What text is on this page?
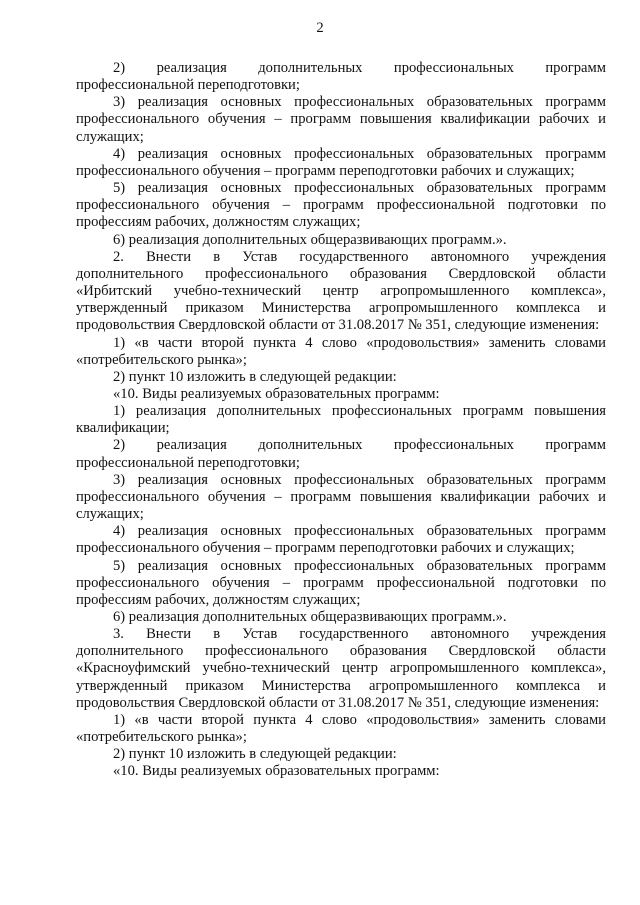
2

2) реализация дополнительных профессиональных программ профессиональной переподготовки;

3) реализация основных профессиональных образовательных программ профессионального обучения – программ повышения квалификации рабочих и служащих;

4) реализация основных профессиональных образовательных программ профессионального обучения – программ переподготовки рабочих и служащих;

5) реализация основных профессиональных образовательных программ профессионального обучения – программ профессиональной подготовки по профессиям рабочих, должностям служащих;

6) реализация дополнительных общеразвивающих программ.».

2. Внести в Устав государственного автономного учреждения дополнительного профессионального образования Свердловской области «Ирбитский учебно-технический центр агропромышленного комплекса», утвержденный приказом Министерства агропромышленного комплекса и продовольствия Свердловской области от 31.08.2017 № 351, следующие изменения:

1) «в части второй пункта 4 слово «продовольствия» заменить словами «потребительского рынка»;

2) пункт 10 изложить в следующей редакции:

«10. Виды реализуемых образовательных программ:

1) реализация дополнительных профессиональных программ повышения квалификации;

2) реализация дополнительных профессиональных программ профессиональной переподготовки;

3) реализация основных профессиональных образовательных программ профессионального обучения – программ повышения квалификации рабочих и служащих;

4) реализация основных профессиональных образовательных программ профессионального обучения – программ переподготовки рабочих и служащих;

5) реализация основных профессиональных образовательных программ профессионального обучения – программ профессиональной подготовки по профессиям рабочих, должностям служащих;

6) реализация дополнительных общеразвивающих программ.».

3. Внести в Устав государственного автономного учреждения дополнительного профессионального образования Свердловской области «Красноуфимский учебно-технический центр агропромышленного комплекса», утвержденный приказом Министерства агропромышленного комплекса и продовольствия Свердловской области от 31.08.2017 № 351, следующие изменения:

1) «в части второй пункта 4 слово «продовольствия» заменить словами «потребительского рынка»;

2) пункт 10 изложить в следующей редакции:

«10. Виды реализуемых образовательных программ:
